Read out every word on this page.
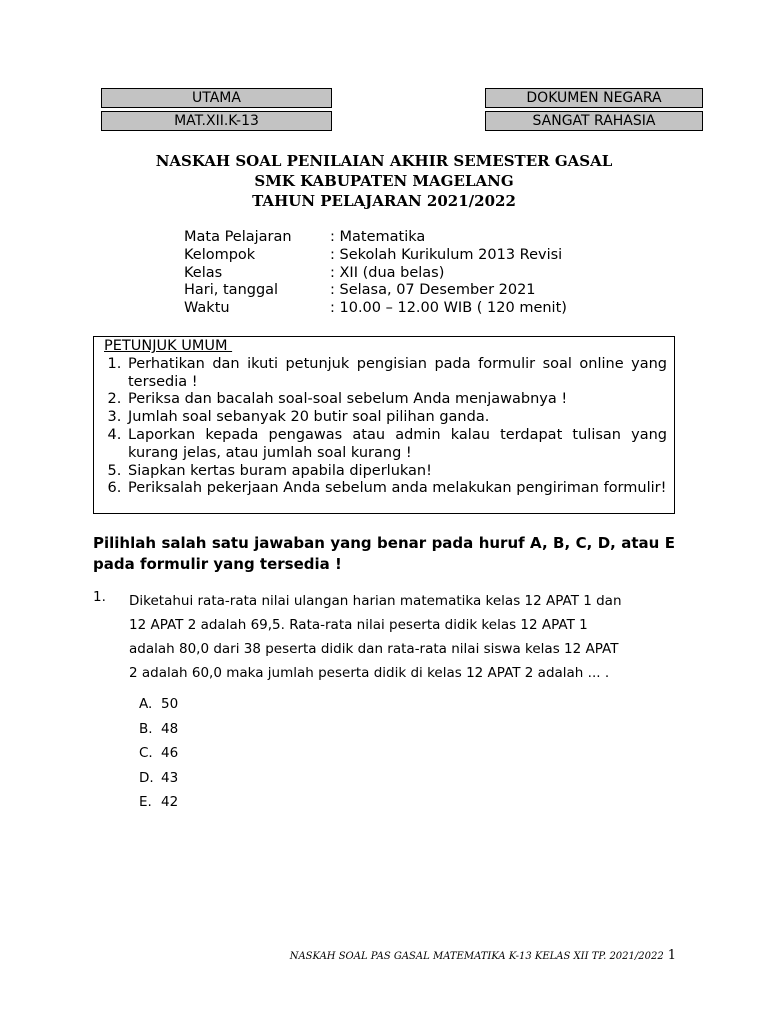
UTAMA
MAT.XII.K-13
DOKUMEN NEGARA
SANGAT RAHASIA
NASKAH SOAL PENILAIAN AKHIR SEMESTER GASAL
SMK KABUPATEN MAGELANG
TAHUN PELAJARAN 2021/2022
Mata Pelajaran	: Matematika
Kelompok	: Sekolah Kurikulum 2013 Revisi
Kelas	: XII (dua belas)
Hari, tanggal	: Selasa, 07 Desember 2021
Waktu	: 10.00 – 12.00 WIB ( 120 menit)
PETUNJUK UMUM
1. Perhatikan dan ikuti petunjuk pengisian pada formulir soal online yang tersedia !
2. Periksa dan bacalah soal-soal sebelum Anda menjawabnya !
3. Jumlah soal sebanyak 20 butir soal pilihan ganda.
4. Laporkan kepada pengawas atau admin kalau terdapat tulisan yang kurang jelas, atau jumlah soal kurang !
5. Siapkan kertas buram apabila diperlukan!
6. Periksalah pekerjaan Anda sebelum anda melakukan pengiriman formulir!
Pilihlah salah satu jawaban yang benar pada huruf A, B, C, D, atau E pada formulir yang tersedia !
1. Diketahui rata-rata nilai ulangan harian matematika kelas 12 APAT 1 dan
12 APAT 2 adalah 69,5. Rata-rata nilai peserta didik kelas 12 APAT 1
adalah 80,0 dari 38 peserta didik dan rata-rata nilai siswa kelas 12 APAT
2 adalah 60,0 maka jumlah peserta didik di kelas 12 APAT 2 adalah ... .
A. 50
B. 48
C. 46
D. 43
E. 42
NASKAH SOAL PAS GASAL MATEMATIKA K-13 KELAS XII TP. 2021/2022 1
